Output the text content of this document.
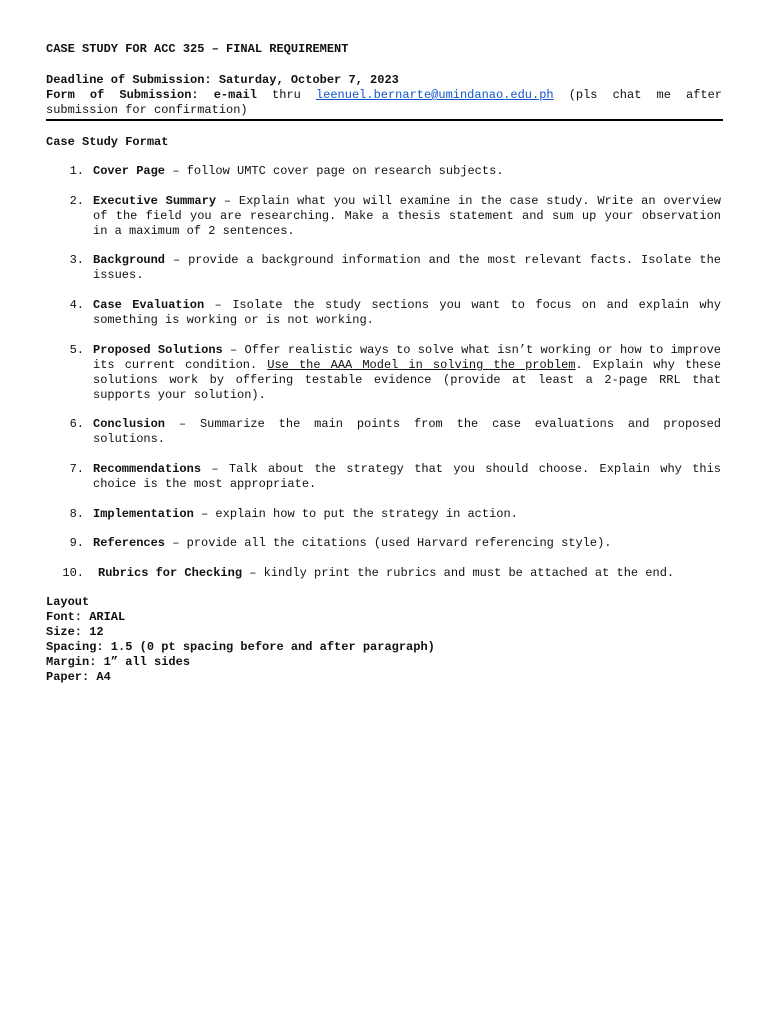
CASE STUDY FOR ACC 325 – FINAL REQUIREMENT
Deadline of Submission: Saturday, October 7, 2023
Form of Submission: e-mail thru leenuel.bernarte@umindanao.edu.ph (pls chat me after submission for confirmation)
Case Study Format
1. Cover Page – follow UMTC cover page on research subjects.
2. Executive Summary – Explain what you will examine in the case study. Write an overview of the field you are researching. Make a thesis statement and sum up your observation in a maximum of 2 sentences.
3. Background – provide a background information and the most relevant facts. Isolate the issues.
4. Case Evaluation – Isolate the study sections you want to focus on and explain why something is working or is not working.
5. Proposed Solutions – Offer realistic ways to solve what isn’t working or how to improve its current condition. Use the AAA Model in solving the problem. Explain why these solutions work by offering testable evidence (provide at least a 2-page RRL that supports your solution).
6. Conclusion – Summarize the main points from the case evaluations and proposed solutions.
7. Recommendations – Talk about the strategy that you should choose. Explain why this choice is the most appropriate.
8. Implementation – explain how to put the strategy in action.
9. References – provide all the citations (used Harvard referencing style).
10. Rubrics for Checking – kindly print the rubrics and must be attached at the end.
Layout
Font: ARIAL
Size: 12
Spacing: 1.5 (0 pt spacing before and after paragraph)
Margin: 1” all sides
Paper: A4
